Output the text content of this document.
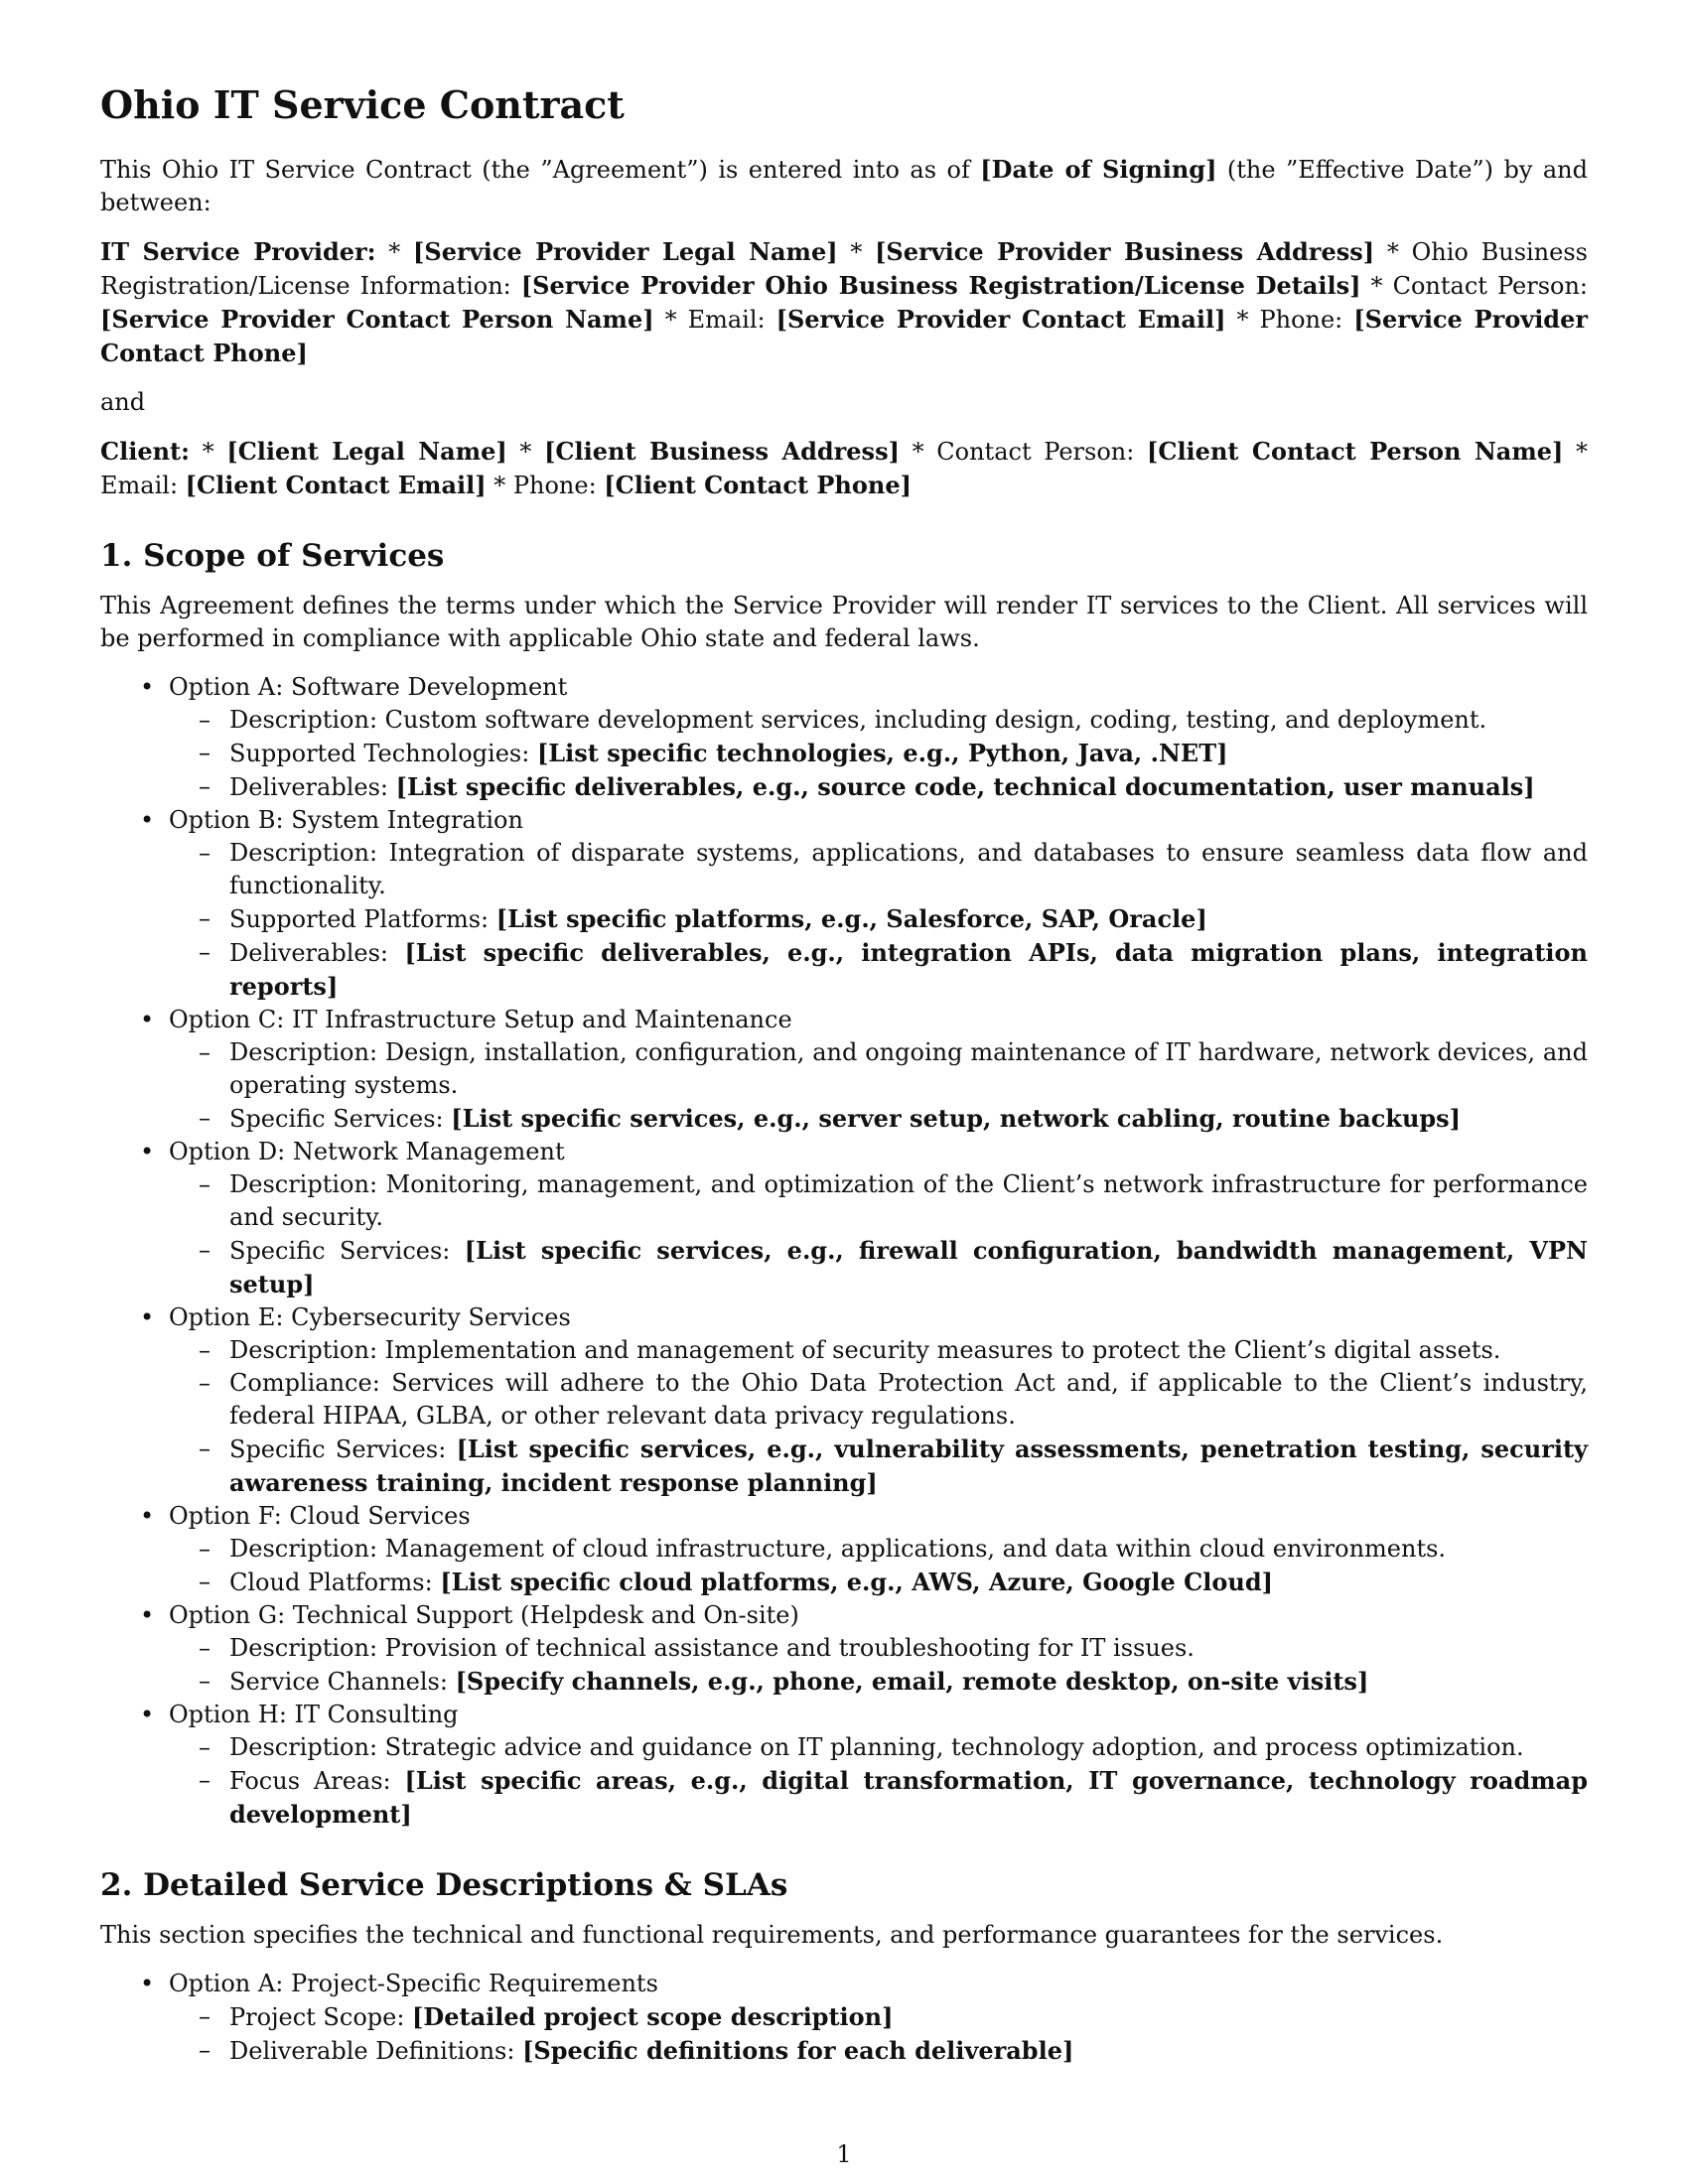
Ohio IT Service Contract

This Ohio IT Service Contract (the ”Agreement”) is entered into as of [Date of Signing] (the ”Effective Date”) by and between:

IT Service Provider: * [Service Provider Legal Name] * [Service Provider Business Address] * Ohio Business Registration/License Information: [Service Provider Ohio Business Registration/License Details] * Contact Person: [Service Provider Contact Person Name] * Email: [Service Provider Contact Email] * Phone: [Service Provider Contact Phone]

and

Client: * [Client Legal Name] * [Client Business Address] * Contact Person: [Client Contact Person Name] * Email: [Client Contact Email] * Phone: [Client Contact Phone]

1. Scope of Services

This Agreement defines the terms under which the Service Provider will render IT services to the Client. All services will be performed in compliance with applicable Ohio state and federal laws.

• Option A: Software Development
– Description: Custom software development services, including design, coding, testing, and deployment.
– Supported Technologies: [List specific technologies, e.g., Python, Java, .NET]
– Deliverables: [List specific deliverables, e.g., source code, technical documentation, user manuals]
• Option B: System Integration
– Description: Integration of disparate systems, applications, and databases to ensure seamless data flow and functionality.
– Supported Platforms: [List specific platforms, e.g., Salesforce, SAP, Oracle]
– Deliverables: [List specific deliverables, e.g., integration APIs, data migration plans, integration reports]
• Option C: IT Infrastructure Setup and Maintenance
– Description: Design, installation, configuration, and ongoing maintenance of IT hardware, network devices, and operating systems.
– Specific Services: [List specific services, e.g., server setup, network cabling, routine backups]
• Option D: Network Management
– Description: Monitoring, management, and optimization of the Client’s network infrastructure for performance and security.
– Specific Services: [List specific services, e.g., firewall configuration, bandwidth management, VPN setup]
• Option E: Cybersecurity Services
– Description: Implementation and management of security measures to protect the Client’s digital assets.
– Compliance: Services will adhere to the Ohio Data Protection Act and, if applicable to the Client’s industry, federal HIPAA, GLBA, or other relevant data privacy regulations.
– Specific Services: [List specific services, e.g., vulnerability assessments, penetration testing, security awareness training, incident response planning]
• Option F: Cloud Services
– Description: Management of cloud infrastructure, applications, and data within cloud environments.
– Cloud Platforms: [List specific cloud platforms, e.g., AWS, Azure, Google Cloud]
• Option G: Technical Support (Helpdesk and On-site)
– Description: Provision of technical assistance and troubleshooting for IT issues.
– Service Channels: [Specify channels, e.g., phone, email, remote desktop, on-site visits]
• Option H: IT Consulting
– Description: Strategic advice and guidance on IT planning, technology adoption, and process optimization.
– Focus Areas: [List specific areas, e.g., digital transformation, IT governance, technology roadmap development]
2. Detailed Service Descriptions & SLAs

This section specifies the technical and functional requirements, and performance guarantees for the services.

• Option A: Project-Specific Requirements
– Project Scope: [Detailed project scope description]
– Deliverable Definitions: [Specific definitions for each deliverable]
1
